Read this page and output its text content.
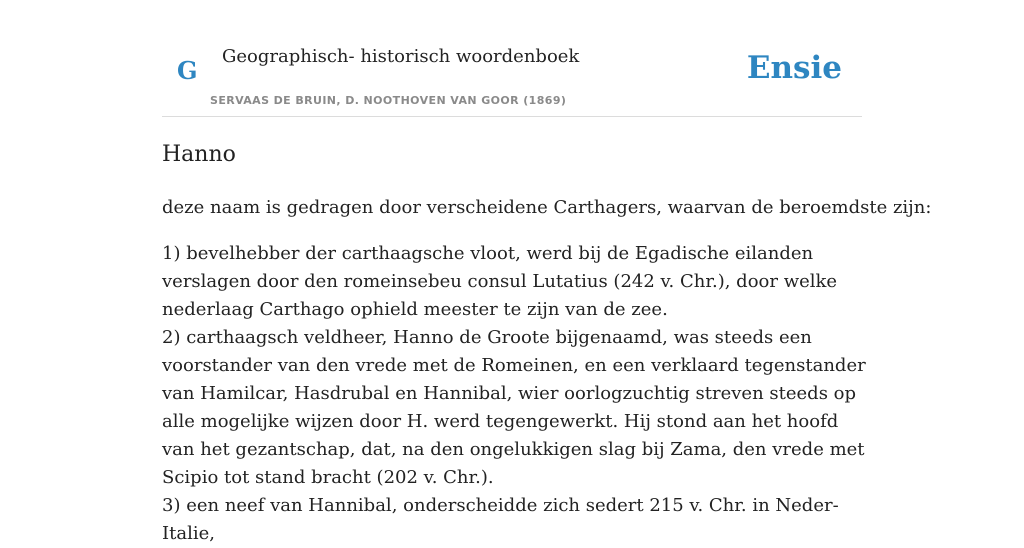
G Geographisch- historisch woordenboek
SERVAAS DE BRUIN, D. NOOTHOVEN VAN GOOR (1869)
Ensie
Hanno

deze naam is gedragen door verscheidene Carthagers, waarvan de beroemdste zijn:

1) bevelhebber der carthaagsche vloot, werd bij de Egadische eilanden verslagen door den romeinsebeu consul Lutatius (242 v. Chr.), door welke nederlaag Carthago ophield meester te zijn van de zee.
2) carthaagsch veldheer, Hanno de Groote bijgenaamd, was steeds een voorstander van den vrede met de Romeinen, en een verklaard tegenstander van Hamilcar, Hasdrubal en Hannibal, wier oorlogzuchtig streven steeds op alle mogelijke wijzen door H. werd tegengewerkt. Hij stond aan het hoofd van het gezantschap, dat, na den ongelukkigen slag bij Zama, den vrede met Scipio tot stand bracht (202 v. Chr.).
3) een neef van Hannibal, onderscheidde zich sedert 215 v. Chr. in Neder-Italie,
